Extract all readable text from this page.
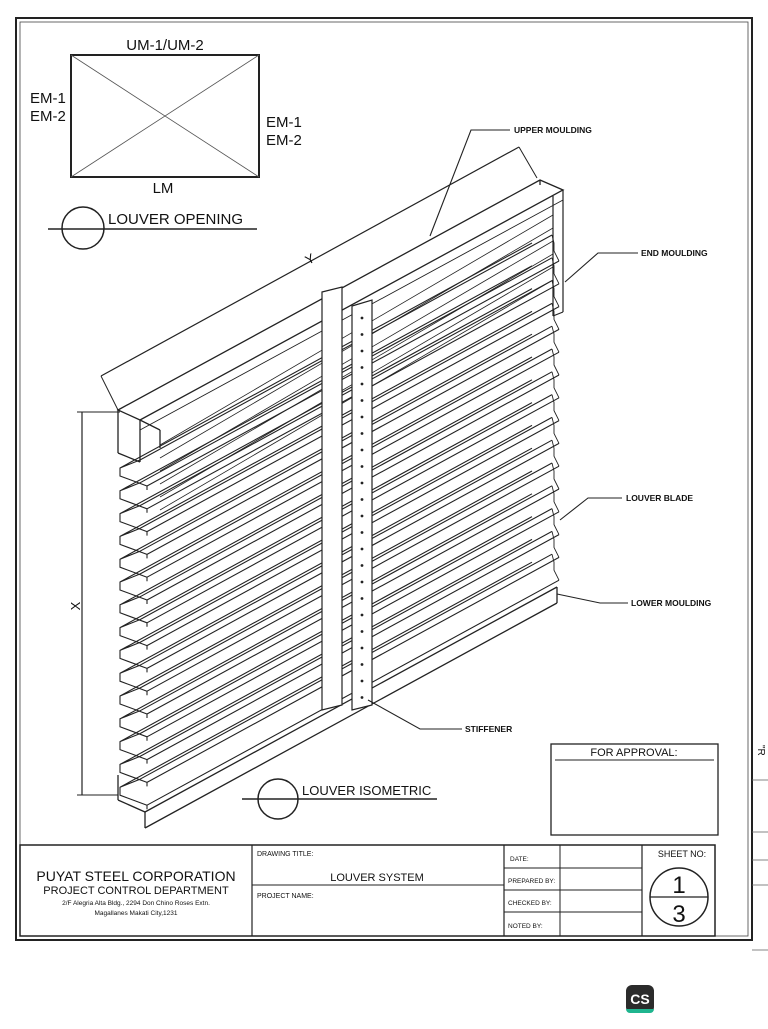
"R
UM-1/UM-2
EM-1
EM-2	EM-1
EM-2
LM
LOUVER OPENING
Y
X
UPPER MOULDING
END MOULDING
LOUVER BLADE
LOWER MOULDING
STIFFENER
LOUVER ISOMETRIC
FOR APPROVAL:
PUYAT STEEL CORPORATION
PROJECT CONTROL DEPARTMENT
2/F Alegria Alta Bldg., 2294 Don Chino Roses Extn.
Magallanes Makati City,1231
DRAWING TITLE:
LOUVER SYSTEM
PROJECT NAME:
DATE:
PREPARED BY:
CHECKED BY:
NOTED BY:
SHEET NO:
1
3
CS
